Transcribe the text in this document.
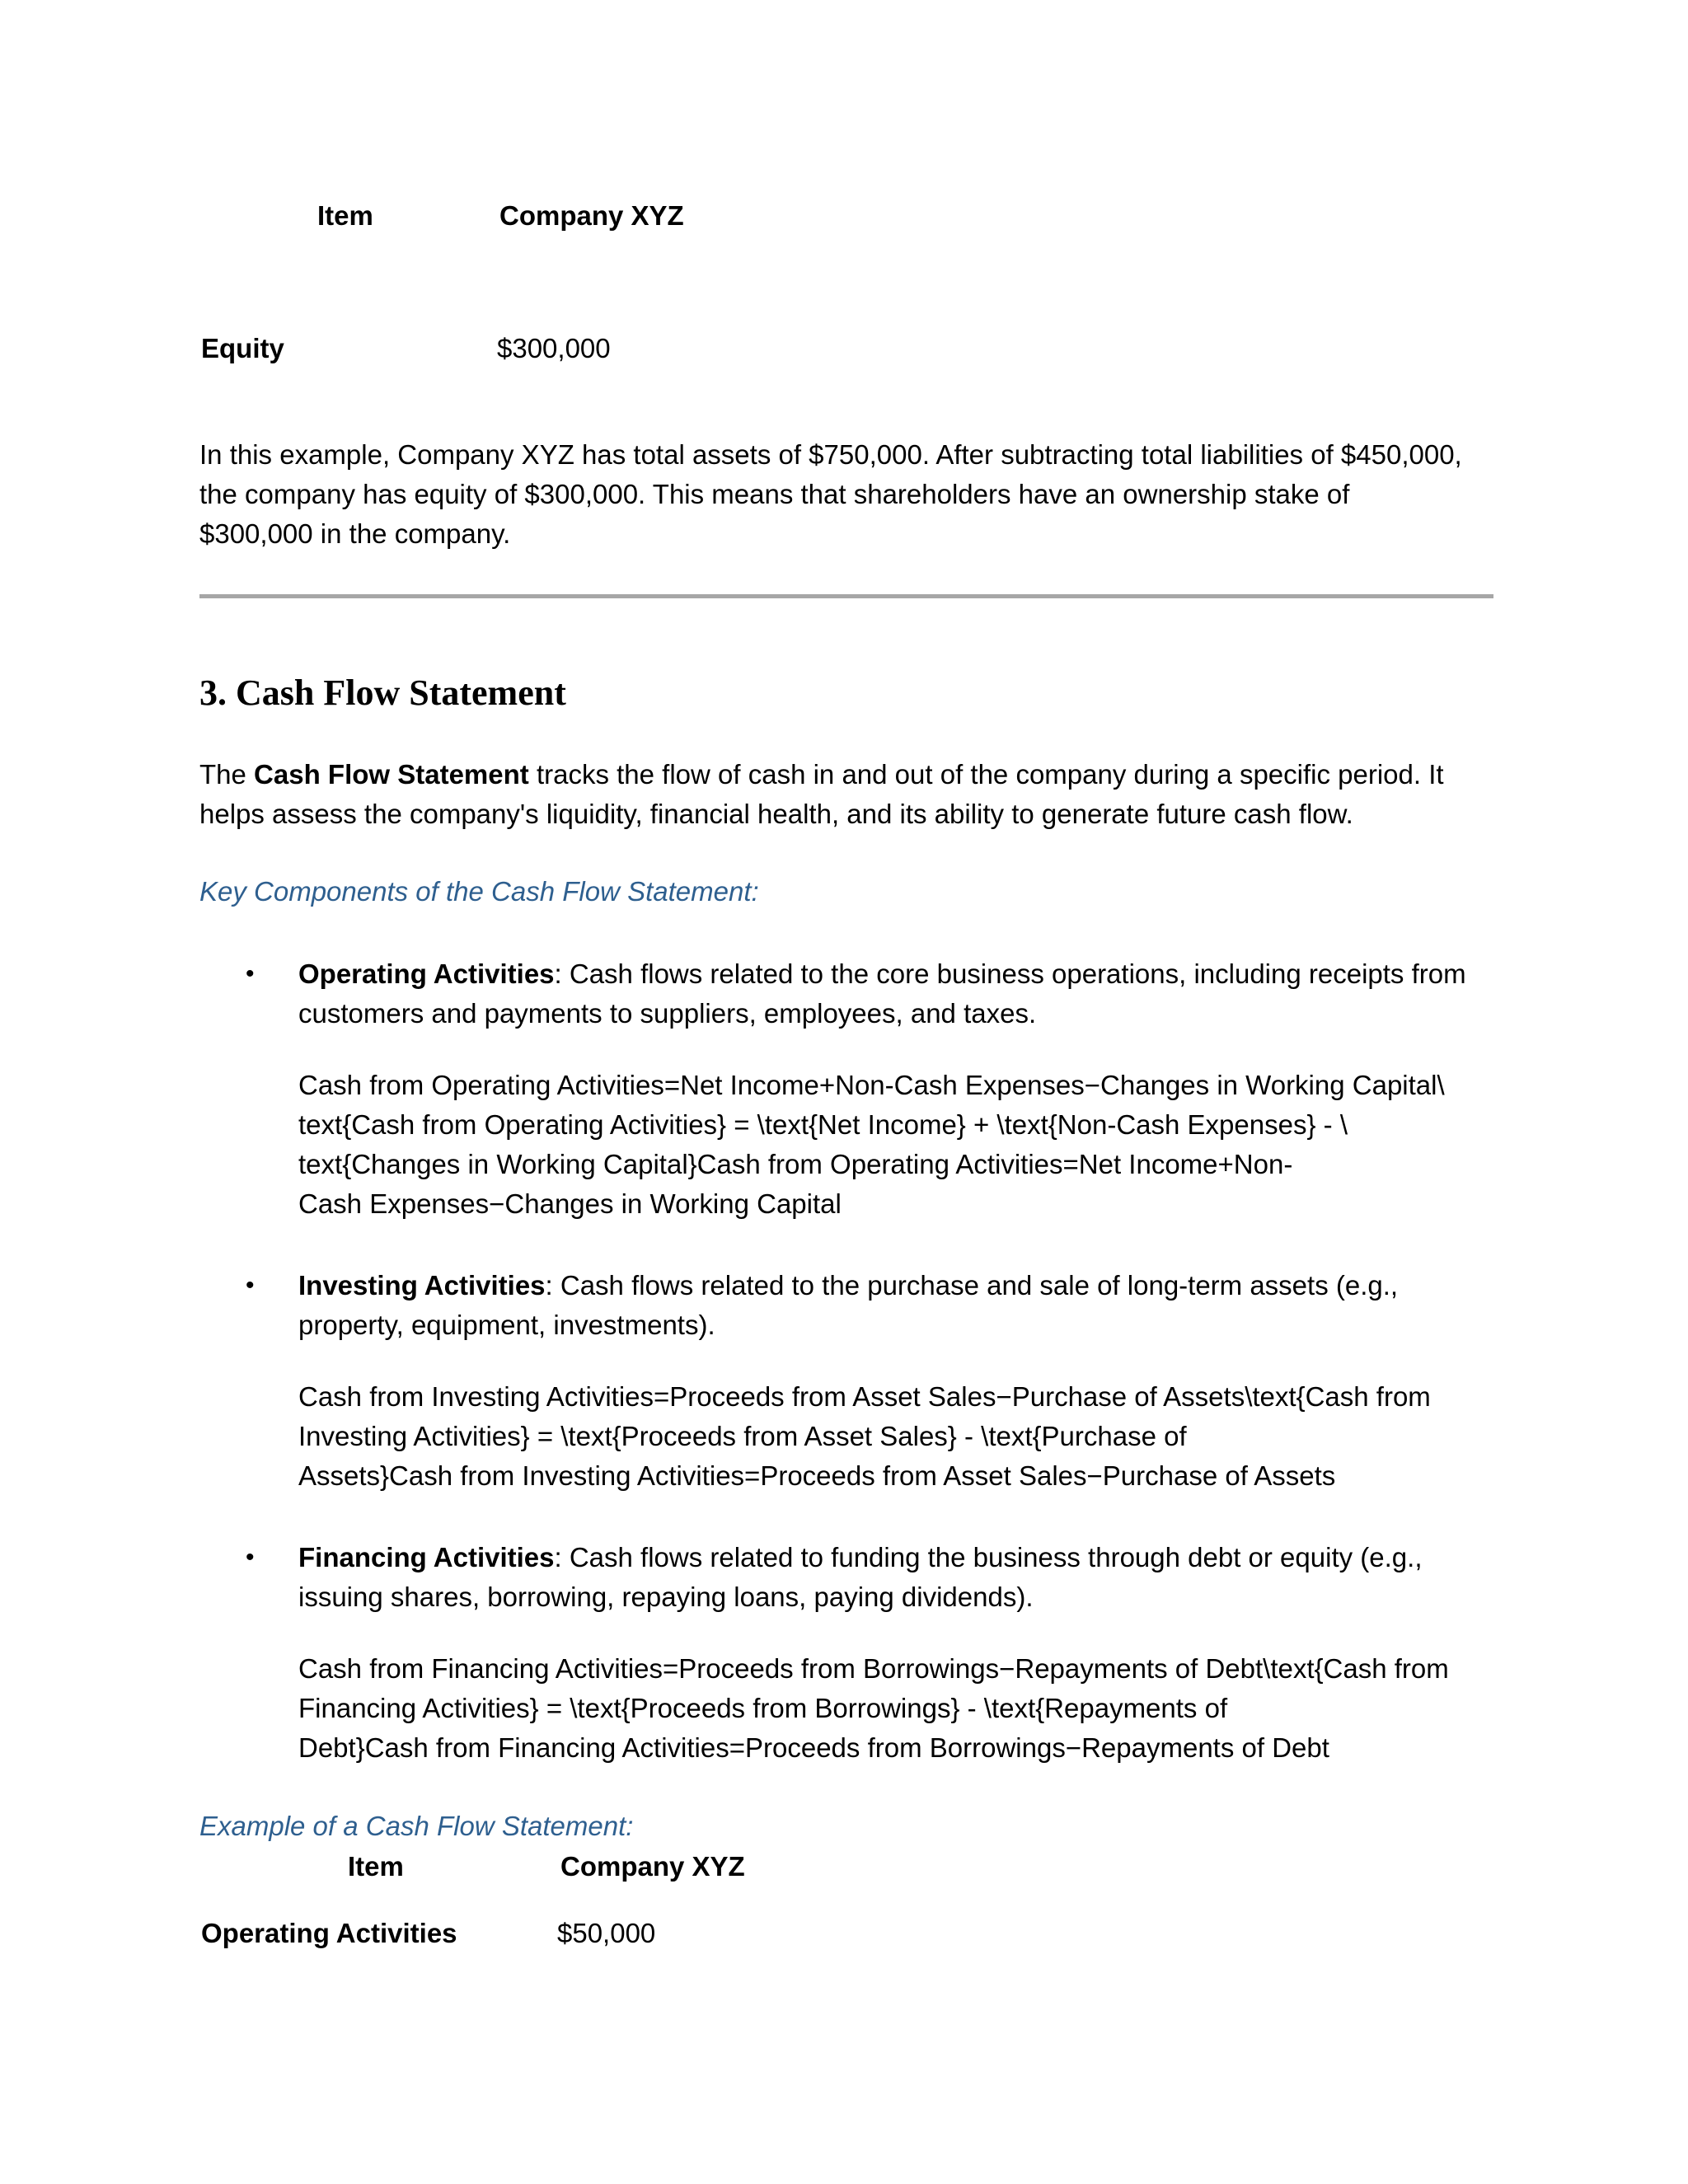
Item	Company XYZ
Equity	$300,000
In this example, Company XYZ has total assets of $750,000. After subtracting total liabilities of $450,000,
the company has equity of $300,000. This means that shareholders have an ownership stake of
$300,000 in the company.
3. Cash Flow Statement
The Cash Flow Statement tracks the flow of cash in and out of the company during a specific period. It
helps assess the company's liquidity, financial health, and its ability to generate future cash flow.
Key Components of the Cash Flow Statement:
• Operating Activities: Cash flows related to the core business operations, including receipts from
customers and payments to suppliers, employees, and taxes.
Cash from Operating Activities=Net Income+Non-Cash Expenses−Changes in Working Capital\
text{Cash from Operating Activities} = \text{Net Income} + \text{Non-Cash Expenses} - \
text{Changes in Working Capital}Cash from Operating Activities=Net Income+Non-
Cash Expenses−Changes in Working Capital
• Investing Activities: Cash flows related to the purchase and sale of long-term assets (e.g.,
property, equipment, investments).
Cash from Investing Activities=Proceeds from Asset Sales−Purchase of Assets\text{Cash from
Investing Activities} = \text{Proceeds from Asset Sales} - \text{Purchase of
Assets}Cash from Investing Activities=Proceeds from Asset Sales−Purchase of Assets
• Financing Activities: Cash flows related to funding the business through debt or equity (e.g.,
issuing shares, borrowing, repaying loans, paying dividends).
Cash from Financing Activities=Proceeds from Borrowings−Repayments of Debt\text{Cash from
Financing Activities} = \text{Proceeds from Borrowings} - \text{Repayments of
Debt}Cash from Financing Activities=Proceeds from Borrowings−Repayments of Debt
Example of a Cash Flow Statement:
Item	Company XYZ
Operating Activities	$50,000
